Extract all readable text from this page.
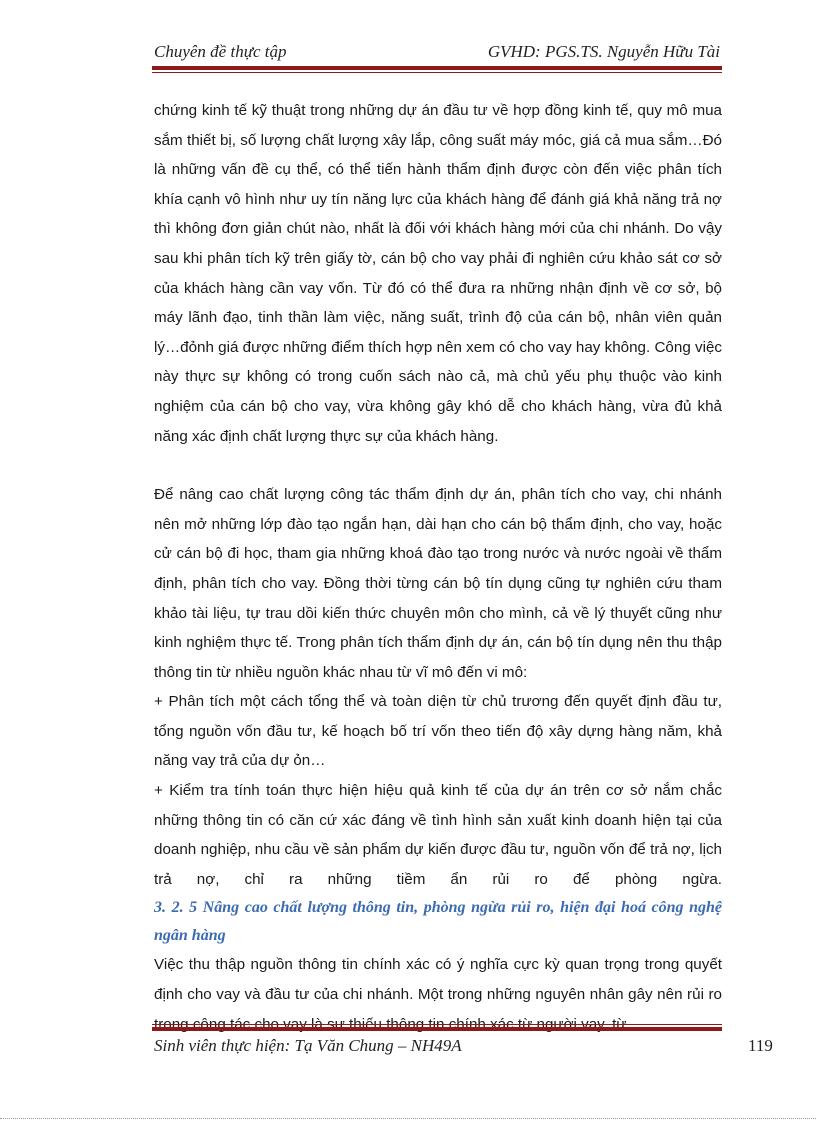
Chuyên đề thực tập	GVHD: PGS.TS. Nguyễn Hữu Tài

chứng kinh tế kỹ thuật trong những dự án đầu tư về hợp đồng kinh tế, quy mô mua sắm thiết bị, số lượng chất lượng xây lắp, công suất máy móc, giá cả mua sắm…Đó là những vấn đề cụ thể, có thể tiến hành thẩm định được còn đến việc phân tích khía cạnh vô hình như uy tín năng lực của khách hàng để đánh giá khả năng trả nợ thì không đơn giản chút nào, nhất là đối với khách hàng mới của chi nhánh. Do vậy sau khi phân tích kỹ trên giấy tờ, cán bộ cho vay phải đi nghiên cứu khảo sát cơ sở của khách hàng cần vay vốn. Từ đó có thể đưa ra những nhận định về cơ sở, bộ máy lãnh đạo, tinh thần làm việc, năng suất, trình độ của cán bộ, nhân viên quản lý…đỏnh giá được những điểm thích hợp nên xem có cho vay hay không. Công việc này thực sự không có trong cuốn sách nào cả, mà chủ yếu phụ thuộc vào kinh nghiệm của cán bộ cho vay, vừa không gây khó dễ cho khách hàng, vừa đủ khả năng xác định chất lượng thực sự của khách hàng.

Để nâng cao chất lượng công tác thẩm định dự án, phân tích cho vay, chi nhánh nên mở những lớp đào tạo ngắn hạn, dài hạn cho cán bộ thẩm định, cho vay, hoặc cử cán bộ đi học, tham gia những khoá đào tạo trong nước và nước ngoài về thẩm định, phân tích cho vay. Đồng thời từng cán bộ tín dụng cũng tự nghiên cứu tham khảo tài liệu, tự trau dồi kiến thức chuyên môn cho mình, cả về lý thuyết cũng như kinh nghiệm thực tế. Trong phân tích thẩm định dự án, cán bộ tín dụng nên thu thập thông tin từ nhiều nguồn khác nhau từ vĩ mô đến vi mô:

+ Phân tích một cách tổng thể và toàn diện từ chủ trương đến quyết định đầu tư, tổng nguồn vốn đầu tư, kế hoạch bố trí vốn theo tiến độ xây dựng hàng năm, khả năng vay trả của dự ỏn…

+ Kiểm tra tính toán thực hiện hiệu quả kinh tế của dự án trên cơ sở nắm chắc những thông tin có căn cứ xác đáng về tình hình sản xuất kinh doanh hiện tại của doanh nghiệp, nhu cầu về sản phẩm dự kiến được đầu tư, nguồn vốn để trả nợ, lịch trả nợ, chỉ ra những tiềm ẩn rủi ro để phòng ngừa.

3. 2. 5 Nâng cao chất lượng thông tin, phòng ngừa rủi ro, hiện đại hoá công nghệ ngân hàng

Việc thu thập nguồn thông tin chính xác có ý nghĩa cực kỳ quan trọng trong quyết định cho vay và đầu tư của chi nhánh. Một trong những nguyên nhân gây nên rủi ro là từ từ

Sinh viên thực hiện: Tạ Văn Chung – NH49A	119
